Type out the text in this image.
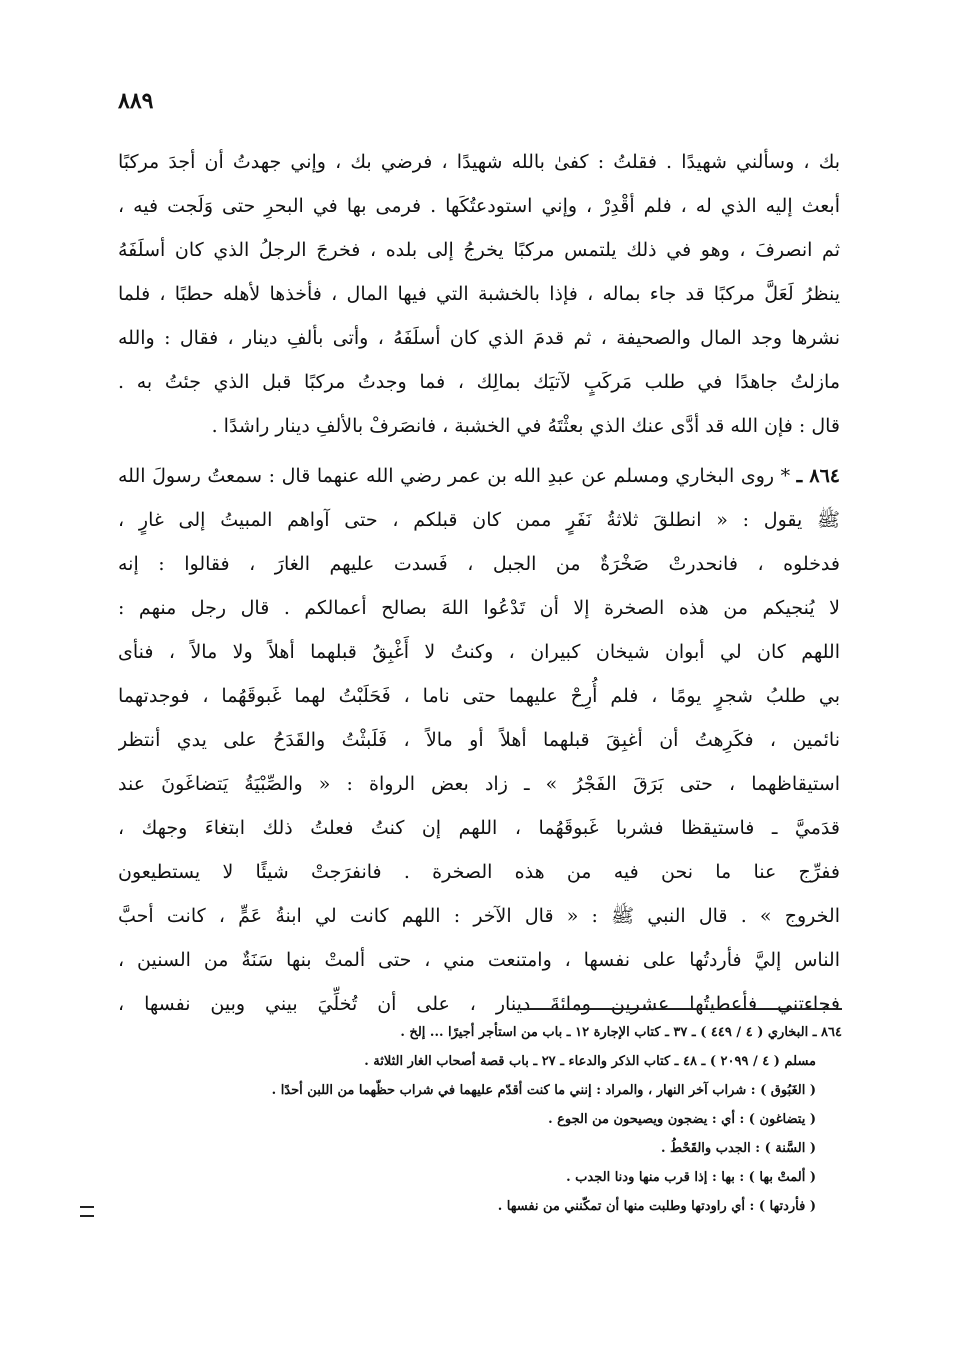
٨٨٩
بك ، وسألني شهيدًا . فقلتُ : كفىٰ بالله شهيدًا ، فرضي بك ، وإني جهدتُ أن أجدَ مركبًا
أبعث إليه الذي له ، فلم أقْدِرْ ، وإني استودعتُكَها . فرمى بها في البحرِ حتى وَلَجت فيه ،
ثم انصرفَ ، وهو في ذلك يلتمس مركبًا يخرجُ إلى بلده ، فخرجَ الرجلُ الذي كان أسلَفَهُ
ينظرُ لَعَلَّ مركبًا قد جاء بماله ، فإذا بالخشبة التي فيها المال ، فأخذها لأهله حطبًا ، فلما
نشرها وجد المال والصحيفة ، ثم قدمَ الذي كان أسلَفَهُ ، وأتى بألفِ دينار ، فقال : والله
مازلتُ جاهدًا في طلب مَركَبٍ لآتيَك بمالِك ، فما وجدتُ مركبًا قبل الذي جئتُ به .
قال : فإن الله قد أدَّى عنك الذي بعثْتَهُ في الخشبة ، فانصَرفْ بالألفِ دينار راشدًا .
٨٦٤ ـ * روى البخاري ومسلم عن عبدِ الله بن عمر رضي الله عنهما قال : سمعتُ رسولَ الله
ﷺ يقول : « انطلقَ ثلاثةُ نَفَرٍ ممن كان قبلكم ، حتى آواهم المبيتُ إلى غارٍ ،
فدخلوه ، فانحدرتْ صَخْرَةٌ من الجبل ، فَسدت عليهم الغارَ ، فقالوا : إنه
لا يُنجيكم من هذه الصخرة إلا أن تَدْعُوا اللهَ بصالح أعمالكم . قال رجل منهم :
اللهم كان لي أبوان شيخان كبيران ، وكنتُ لا أَغْبِقُ قبلهما أهلاً ولا مالاً ، فنأى
بي طلبُ شجرٍ يومًا ، فلم أُرِحْ عليهما حتى ناما ، فَحَلَبْتُ لهما غَبوقَهُما ، فوجدتهما
نائمين ، فكَرِهتُ أن أغبِقَ قبلهما أهلاً أو مالاً ، فَلَبثْتُ والقَدَحُ على يدي أنتظر
استيقاظهما ، حتى بَرَقَ الفَجْرُ » ـ زاد بعض الرواة : « والصِّبْيَةُ يَتضاغَونَ عند
قدَميَّ ـ فاستيقظا فشربا غَبوقَهُما ، اللهم إن كنتُ فعلتُ ذلك ابتغاءَ وجهك ،
ففرِّج عنا ما نحن فيه من هذه الصخرة . فانفرَجتْ شيئًا لا يستطيعون
الخروج » . قال النبي ﷺ : « قال الآخر : اللهم كانت لي ابنةُ عَمٍّ ، كانت أحبَّ
الناس إليَّ فأردتُها على نفسها ، وامتنعت مني ، حتى ألمتْ بنها سَنَةٌ من السنين ،
فجاءتني فأعطيتُها عشرين ومائةَ دينار ، على أن تُخلِّيَ بيني وبين نفسها ،
٨٦٤ ـ البخاري ( ٤ / ٤٤٩ ) ـ ٣٧ ـ كتاب الإجارة ١٢ ـ باب من استأجر أجيرًا ... إلخ .
مسلم ( ٤ / ٢٠٩٩ ) ـ ٤٨ ـ كتاب الذكر والدعاء ـ ٢٧ ـ باب قصة أصحاب الغار الثلاثة .
( الغَبُوق ) : شراب آخر النهار ، والمراد : إنني ما كنت أقدّم عليهما في شراب حظّهما من اللبن أحدًا .
( يتضاغون ) : أي : يضجون ويصيحون من الجوع .
( السَّنة ) : الجدب والقَحْطُ .
( ألمتْ بها ) : بها : إذا قرب منها ودنا الجدب .
( فأردتها ) : أي راودتها وطلبت منها أن تمكّنني من نفسها .
